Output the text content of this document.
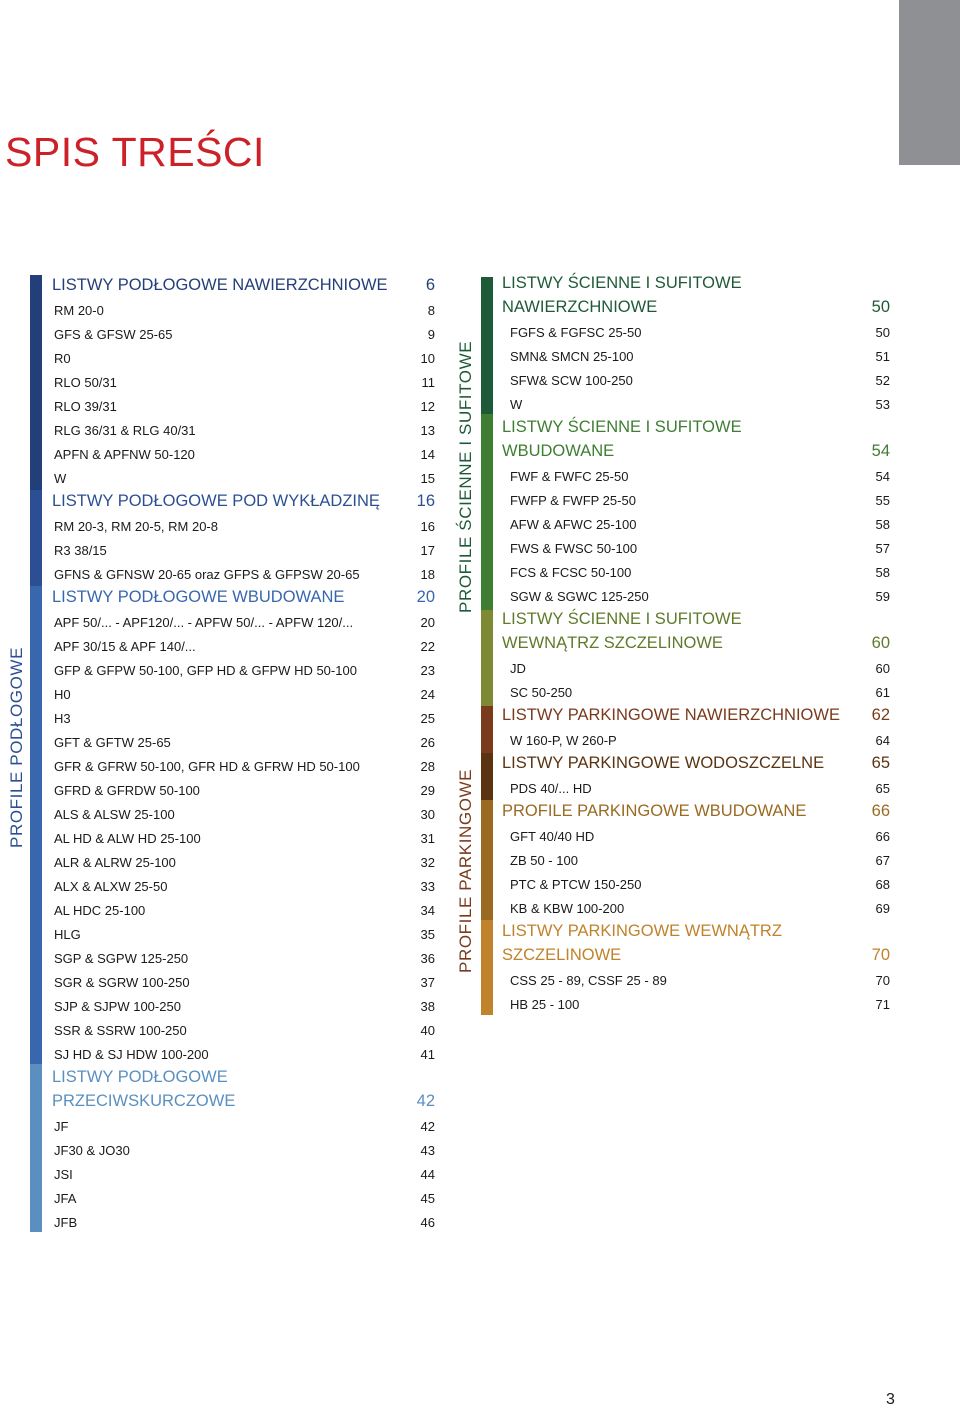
SPIS TREŚCI
PROFILE PODŁOGOWE
LISTWY PODŁOGOWE NAWIERZCHNIOWE 6
RM 20-0	8
GFS & GFSW 25-65	9
R0	10
RLO 50/31	11
RLO 39/31	12
RLG 36/31 & RLG 40/31	13
APFN & APFNW 50-120	14
W	15
LISTWY PODŁOGOWE POD WYKŁADZINĘ 16
RM 20-3, RM 20-5, RM 20-8	16
R3 38/15	17
GFNS & GFNSW 20-65 oraz GFPS & GFPSW 20-65	18
LISTWY PODŁOGOWE WBUDOWANE	20
APF 50/... - APF120/... - APFW 50/... - APFW 120/...	20
APF 30/15 & APF 140/...	22
GFP & GFPW 50-100, GFP HD & GFPW HD 50-100	23
H0	24
H3	25
GFT & GFTW 25-65	26
GFR & GFRW 50-100, GFR HD & GFRW HD 50-100	28
GFRD & GFRDW 50-100	29
ALS & ALSW 25-100	30
AL HD & ALW HD 25-100	31
ALR & ALRW 25-100	32
ALX & ALXW 25-50	33
AL HDC 25-100	34
HLG	35
SGP & SGPW 125-250	36
SGR & SGRW 100-250	37
SJP & SJPW 100-250	38
SSR & SSRW 100-250	40
SJ HD & SJ HDW 100-200	41
LISTWY PODŁOGOWE
PRZECIWSKURCZOWE	42
JF	42
JF30 & JO30	43
JSI	44
JFA	45
JFB	46
PROFILE ŚCIENNE I SUFITOWE
PROFILE PARKINGOWE
LISTWY ŚCIENNE I SUFITOWE
NAWIERZCHNIOWE	50
FGFS & FGFSC 25-50	50
SMN& SMCN 25-100	51
SFW& SCW 100-250	52
W	53
LISTWY ŚCIENNE I SUFITOWE
WBUDOWANE	54
FWF & FWFC 25-50	54
FWFP & FWFP 25-50	55
AFW & AFWC 25-100	58
FWS & FWSC 50-100	57
FCS & FCSC 50-100	58
SGW & SGWC 125-250	59
LISTWY ŚCIENNE I SUFITOWE
WEWNĄTRZ SZCZELINOWE	60
JD	60
SC 50-250	61
LISTWY PARKINGOWE NAWIERZCHNIOWE 62
W 160-P, W 260-P	64
LISTWY PARKINGOWE WODOSZCZELNE	65
PDS 40/... HD	65
PROFILE PARKINGOWE WBUDOWANE	66
GFT 40/40 HD	66
ZB 50 - 100	67
PTC & PTCW 150-250	68
KB & KBW 100-200	69
LISTWY PARKINGOWE WEWNĄTRZ
SZCZELINOWE	70
CSS 25 - 89, CSSF 25 - 89	70
HB 25 - 100	71
3
